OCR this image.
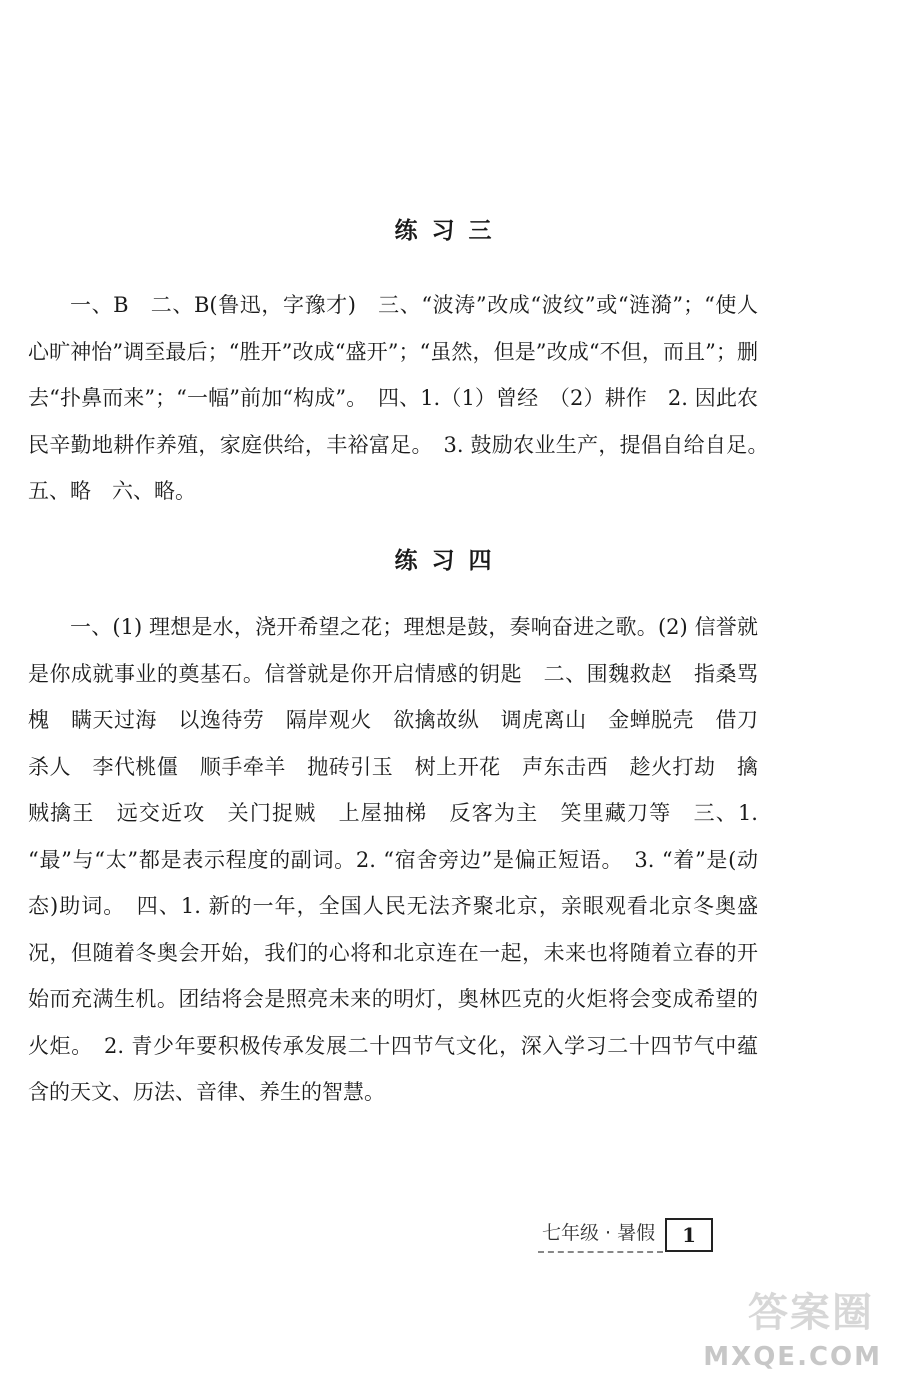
练习三

一、B　二、B(鲁迅，字豫才)　三、“波涛”改成“波纹”或“涟漪”；“使人心旷神怡”调至最后；“胜开”改成“盛开”；“虽然，但是”改成“不但，而且”；删去“扑鼻而来”；“一幅”前加“构成”。　四、1.（1）曾经　（2）耕作　2. 因此农民辛勤地耕作养殖，家庭供给，丰裕富足。　3. 鼓励农业生产，提倡自给自足。　五、略　六、略。

练习四

一、(1) 理想是水，浇开希望之花；理想是鼓，奏响奋进之歌。(2) 信誉就是你成就事业的奠基石。信誉就是你开启情感的钥匙　二、围魏救赵　指桑骂槐　瞒天过海　以逸待劳　隔岸观火　欲擒故纵　调虎离山　金蝉脱壳　借刀杀人　李代桃僵　顺手牵羊　抛砖引玉　树上开花　声东击西　趁火打劫　擒贼擒王　远交近攻　关门捉贼　上屋抽梯　反客为主　笑里藏刀等　三、1. “最”与“太”都是表示程度的副词。2. “宿舍旁边”是偏正短语。　3. “着”是(动态)助词。　四、1. 新的一年，全国人民无法齐聚北京，亲眼观看北京冬奥盛况，但随着冬奥会开始，我们的心将和北京连在一起，未来也将随着立春的开始而充满生机。团结将会是照亮未来的明灯，奥林匹克的火炬将会变成希望的火炬。　2. 青少年要积极传承发展二十四节气文化，深入学习二十四节气中蕴含的天文、历法、音律、养生的智慧。

七年级 · 暑假	1
答案圈
MXQE.COM
